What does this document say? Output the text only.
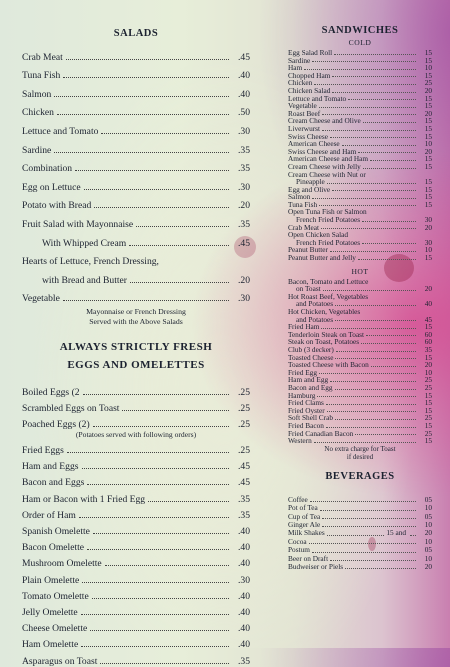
SALADS
Crab Meat	.45
Tuna Fish	.40
Salmon	.40
Chicken	.50
Lettuce and Tomato	.30
Sardine	.35
Combination	.35
Egg on Lettuce	.30
Potato with Bread	.20
Fruit Salad with Mayonnaise	.35
With Whipped Cream	.45
Hearts of Lettuce, French Dressing,
with Bread and Butter	.20
Vegetable	.30
Mayonnaise or French Dressing
Served with the Above Salads
ALWAYS STRICTLY FRESH
EGGS AND OMELETTES
Boiled Eggs (2	.25
Scrambled Eggs on Toast	.25
Poached Eggs (2)	.25
(Potatoes served with following orders)
Fried Eggs	.25
Ham and Eggs	.45
Bacon and Eggs	.45
Ham or Bacon with 1 Fried Egg	.35
Order of Ham	.35
Spanish Omelette	.40
Bacon Omelette	.40
Mushroom Omelette	.40
Plain Omelette	.30
Tomato Omelette	.40
Jelly Omelette	.40
Cheese Omelette	.40
Ham Omelette	.40
Asparagus on Toast	.35
SANDWICHES
COLD
Egg Salad Roll	15
Sardine	15
Ham	10
Chopped Ham	15
Chicken	25
Chicken Salad	20
Lettuce and Tomato	15
Vegetable	15
Roast Beef	20
Cream Cheese and Olive	15
Liverwurst	15
Swiss Cheese	15
American Cheese	10
Swiss Cheese and Ham	20
American Cheese and Ham	15
Cream Cheese with Jelly	15
Cream Cheese with Nut or
Pineapple	15
Egg and Olive	15
Salmon	15
Tuna Fish	15
Open Tuna Fish or Salmon
French Fried Potatoes	30
Crab Meat	20
Open Chicken Salad
French Fried Potatoes	30
Peanut Butter	10
Peanut Butter and Jelly	15
HOT
Bacon, Tomato and Lettuce
on Toast	20
Hot Roast Beef, Vegetables
and Potatoes	40
Hot Chicken, Vegetables
and Potatoes	45
Fried Ham	15
Tenderloin Steak on Toast	60
Steak on Toast, Potatoes	60
Club (3 decker)	35
Toasted Cheese	15
Toasted Cheese with Bacon	20
Fried Egg	10
Ham and Egg	25
Bacon and Egg	25
Hamburg	15
Fried Clams	15
Fried Oyster	15
Soft Shell Crab	25
Fried Bacon	15
Fried Canadian Bacon	25
Western	15
No extra charge for Toast
if desired
BEVERAGES
Coffee	05
Pot of Tea	10
Cup of Tea	05
Ginger Ale	10
Milk Shakes	15 and	20
Cocoa	10
Postum	05
Beer on Draft	10
Budweiser or Piels	20
